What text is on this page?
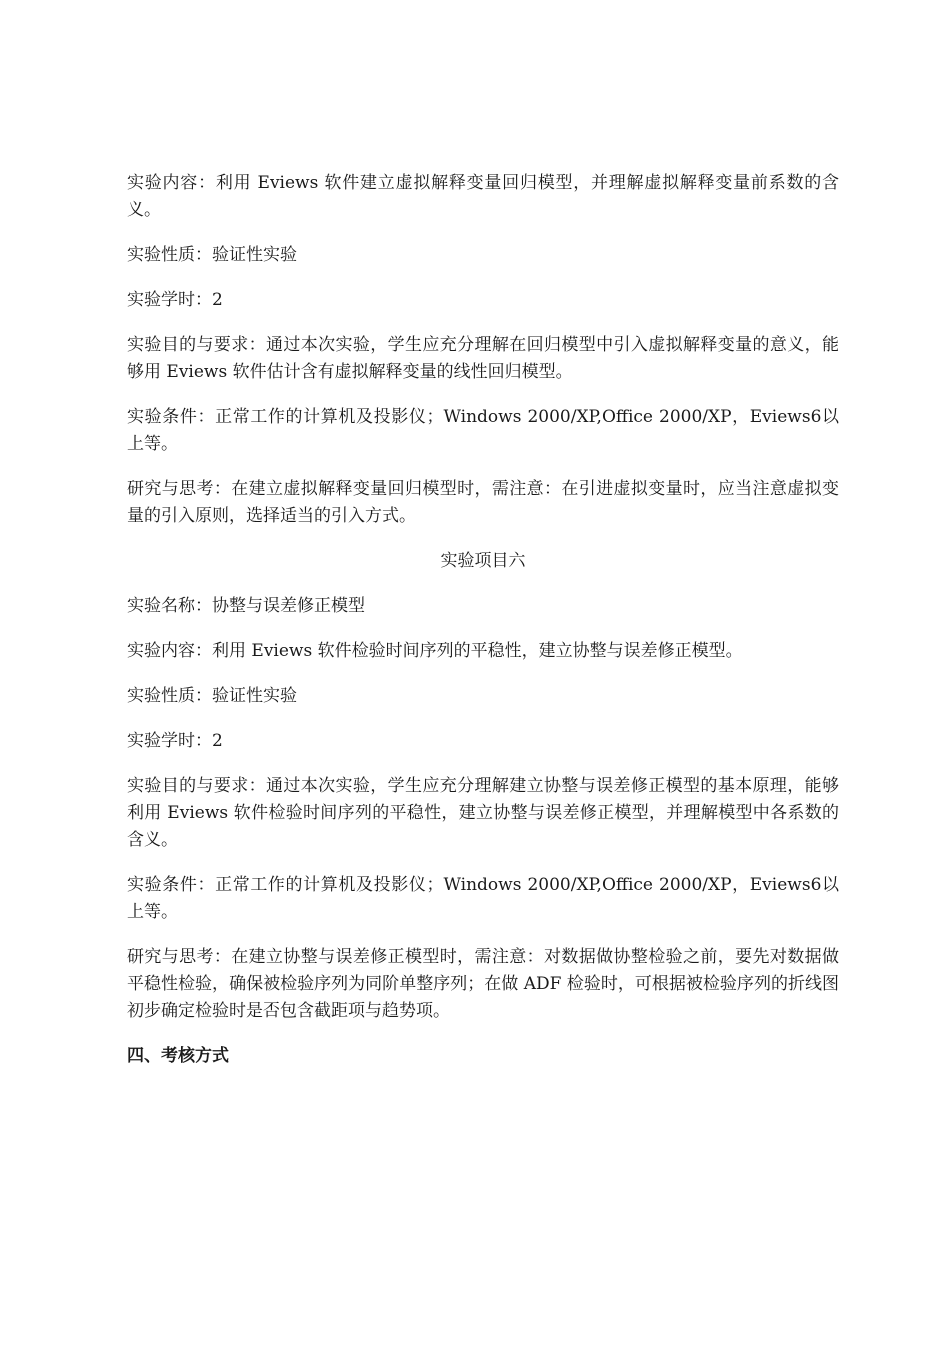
实验内容：利用 Eviews 软件建立虚拟解释变量回归模型，并理解虚拟解释变量前系数的含义。

实验性质：验证性实验

实验学时：2

实验目的与要求：通过本次实验，学生应充分理解在回归模型中引入虚拟解释变量的意义，能够用 Eviews 软件估计含有虚拟解释变量的线性回归模型。

实验条件：正常工作的计算机及投影仪；Windows 2000/XP,Office 2000/XP，Eviews6以上等。

研究与思考：在建立虚拟解释变量回归模型时，需注意：在引进虚拟变量时，应当注意虚拟变量的引入原则，选择适当的引入方式。

实验项目六

实验名称：协整与误差修正模型

实验内容：利用 Eviews 软件检验时间序列的平稳性，建立协整与误差修正模型。

实验性质：验证性实验

实验学时：2

实验目的与要求：通过本次实验，学生应充分理解建立协整与误差修正模型的基本原理，能够利用 Eviews 软件检验时间序列的平稳性，建立协整与误差修正模型，并理解模型中各系数的含义。

实验条件：正常工作的计算机及投影仪；Windows 2000/XP,Office 2000/XP，Eviews6以上等。

研究与思考：在建立协整与误差修正模型时，需注意：对数据做协整检验之前，要先对数据做平稳性检验，确保被检验序列为同阶单整序列；在做 ADF 检验时，可根据被检验序列的折线图初步确定检验时是否包含截距项与趋势项。

四、考核方式
